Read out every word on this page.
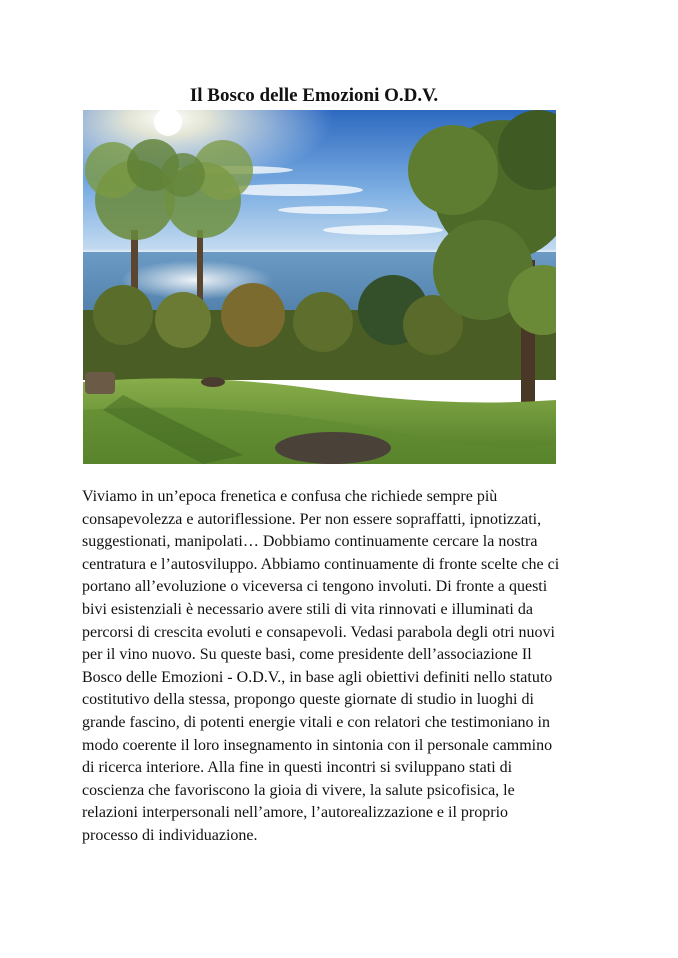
Il Bosco delle Emozioni O.D.V.

Viviamo in un’epoca frenetica e confusa che richiede sempre più
consapevolezza e autoriflessione. Per non essere sopraffatti, ipnotizzati,
suggestionati, manipolati… Dobbiamo continuamente cercare la nostra
centratura e l’autosviluppo. Abbiamo continuamente di fronte scelte che ci
portano all’evoluzione o viceversa ci tengono involuti. Di fronte a questi
bivi esistenziali è necessario avere stili di vita rinnovati e illuminati da
percorsi di crescita evoluti e consapevoli. Vedasi parabola degli otri nuovi
per il vino nuovo. Su queste basi, come presidente dell’associazione Il
Bosco delle Emozioni - O.D.V., in base agli obiettivi definiti nello statuto
costitutivo della stessa, propongo queste giornate di studio in luoghi di
grande fascino, di potenti energie vitali e con relatori che testimoniano in
modo coerente il loro insegnamento in sintonia con il personale cammino
di ricerca interiore. Alla fine in questi incontri si sviluppano stati di
coscienza che favoriscono la gioia di vivere, la salute psicofisica, le
relazioni interpersonali nell’amore, l’autorealizzazione e il proprio
processo di individuazione.
